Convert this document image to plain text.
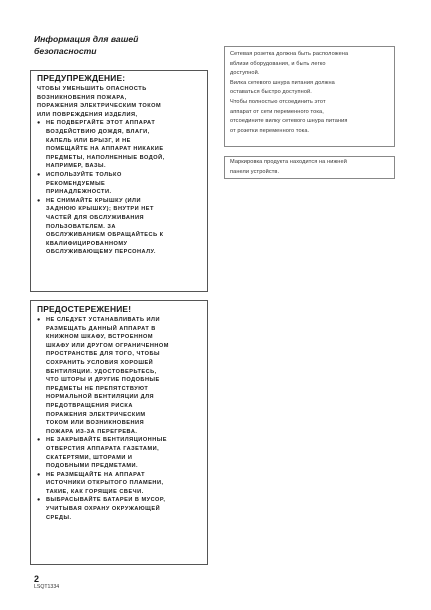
Информация для вашей
безопасности
ПРЕДУПРЕЖДЕНИЕ:
ЧТОБЫ УМЕНЬШИТЬ ОПАСНОСТЬ
ВОЗНИКНОВЕНИЯ ПОЖАРА,
ПОРАЖЕНИЯ ЭЛЕКТРИЧЕСКИМ ТОКОМ
ИЛИ ПОВРЕЖДЕНИЯ ИЗДЕЛИЯ,
● НЕ ПОДВЕРГАЙТЕ ЭТОТ АППАРАТ
ВОЗДЕЙСТВИЮ ДОЖДЯ, ВЛАГИ,
КАПЕЛЬ ИЛИ БРЫЗГ, И НЕ
ПОМЕЩАЙТЕ НА АППАРАТ НИКАКИЕ
ПРЕДМЕТЫ, НАПОЛНЕННЫЕ ВОДОЙ,
НАПРИМЕР, ВАЗЫ.
● ИСПОЛЬЗУЙТЕ ТОЛЬКО
РЕКОМЕНДУЕМЫЕ
ПРИНАДЛЕЖНОСТИ.
● НЕ СНИМАЙТЕ КРЫШКУ (ИЛИ
ЗАДНЮЮ КРЫШКУ); ВНУТРИ НЕТ
ЧАСТЕЙ ДЛЯ ОБСЛУЖИВАНИЯ
ПОЛЬЗОВАТЕЛЕМ. ЗА
ОБСЛУЖИВАНИЕМ ОБРАЩАЙТЕСЬ К
КВАЛИФИЦИРОВАННОМУ
ОБСЛУЖИВАЮЩЕМУ ПЕРСОНАЛУ.
ПРЕДОСТЕРЕЖЕНИЕ!
● НЕ СЛЕДУЕТ УСТАНАВЛИВАТЬ ИЛИ
РАЗМЕЩАТЬ ДАННЫЙ АППАРАТ В
КНИЖНОМ ШКАФУ, ВСТРОЕННОМ
ШКАФУ ИЛИ ДРУГОМ ОГРАНИЧЕННОМ
ПРОСТРАНСТВЕ ДЛЯ ТОГО, ЧТОБЫ
СОХРАНИТЬ УСЛОВИЯ ХОРОШЕЙ
ВЕНТИЛЯЦИИ. УДОСТОВЕРЬТЕСЬ,
ЧТО ШТОРЫ И ДРУГИЕ ПОДОБНЫЕ
ПРЕДМЕТЫ НЕ ПРЕПЯТСТВУЮТ
НОРМАЛЬНОЙ ВЕНТИЛЯЦИИ ДЛЯ
ПРЕДОТВРАЩЕНИЯ РИСКА
ПОРАЖЕНИЯ ЭЛЕКТРИЧЕСКИМ
ТОКОМ ИЛИ ВОЗНИКНОВЕНИЯ
ПОЖАРА ИЗ-ЗА ПЕРЕГРЕВА.
● НЕ ЗАКРЫВАЙТЕ ВЕНТИЛЯЦИОННЫЕ
ОТВЕРСТИЯ АППАРАТА ГАЗЕТАМИ,
СКАТЕРТЯМИ, ШТОРАМИ И
ПОДОБНЫМИ ПРЕДМЕТАМИ.
● НЕ РАЗМЕЩАЙТЕ НА АППАРАТ
ИСТОЧНИКИ ОТКРЫТОГО ПЛАМЕНИ,
ТАКИЕ, КАК ГОРЯЩИЕ СВЕЧИ.
● ВЫБРАСЫВАЙТЕ БАТАРЕИ В МУСОР,
УЧИТЫВАЯ ОХРАНУ ОКРУЖАЮЩЕЙ
СРЕДЫ.
Сетевая розетка должна быть расположена
вблизи оборудования, и быть легко
доступной.
Вилка сетевого шнура питания должна
оставаться быстро доступной.
Чтобы полностью отсоединить этот
аппарат от сети переменного тока,
отсоедините вилку сетевого шнура питания
от розетки переменного тока.
Маркировка продукта находится на нижней
панели устройств.
2
LSQT1334
